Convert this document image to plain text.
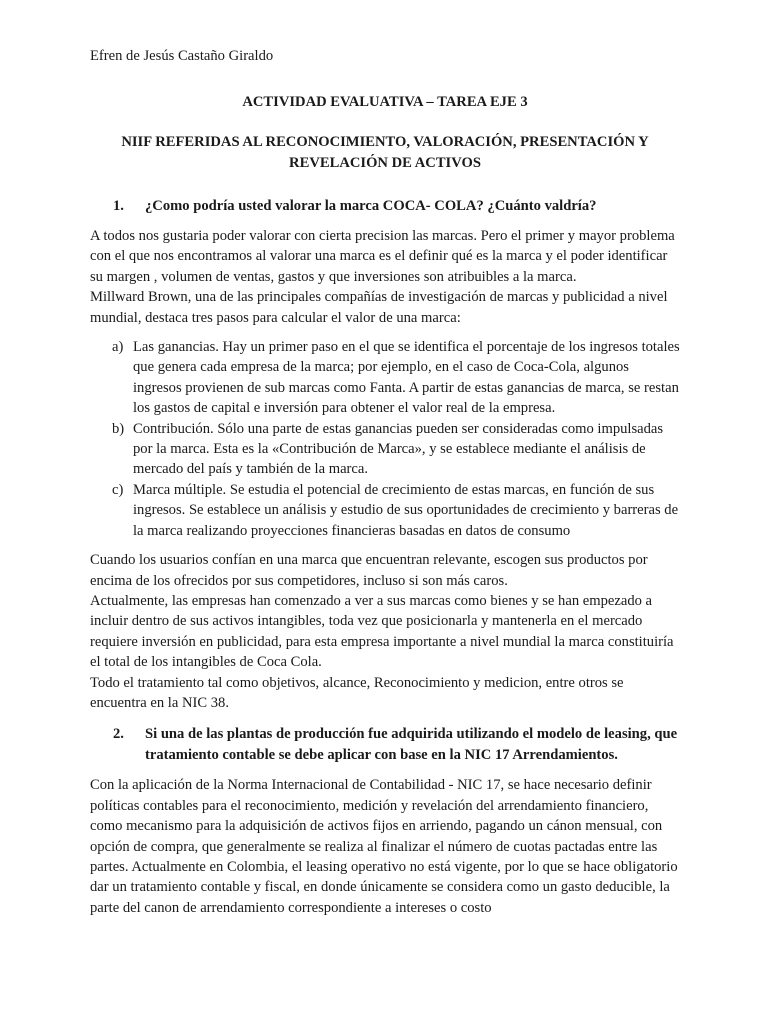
Efren de Jesús Castaño Giraldo

ACTIVIDAD EVALUATIVA – TAREA EJE 3

NIIF REFERIDAS AL RECONOCIMIENTO, VALORACIÓN, PRESENTACIÓN Y REVELACIÓN DE ACTIVOS

1.	¿Como podría usted valorar la marca COCA- COLA? ¿Cuánto valdría?

A todos nos gustaria poder valorar con cierta precision las marcas. Pero el primer y mayor problema con el que nos encontramos al valorar una marca es el definir qué es la marca y el poder identificar su margen , volumen de ventas, gastos y que inversiones son atribuibles a la marca.

Millward Brown, una de las principales compañías de investigación de marcas y publicidad a nivel mundial, destaca tres pasos para calcular el valor de una marca:

a) Las ganancias. Hay un primer paso en el que se identifica el porcentaje de los ingresos totales que genera cada empresa de la marca; por ejemplo, en el caso de Coca-Cola, algunos ingresos provienen de sub marcas como Fanta. A partir de estas ganancias de marca, se restan los gastos de capital e inversión para obtener el valor real de la empresa.
b) Contribución. Sólo una parte de estas ganancias pueden ser consideradas como impulsadas por la marca. Esta es la «Contribución de Marca», y se establece mediante el análisis de mercado del país y también de la marca.
c) Marca múltiple. Se estudia el potencial de crecimiento de estas marcas, en función de sus ingresos. Se establece un análisis y estudio de sus oportunidades de crecimiento y barreras de la marca realizando proyecciones financieras basadas en datos de consumo

Cuando los usuarios confían en una marca que encuentran relevante, escogen sus productos por encima de los ofrecidos por sus competidores, incluso si son más caros.

Actualmente, las empresas han comenzado a ver a sus marcas como bienes y se han empezado a incluir dentro de sus activos intangibles, toda vez que posicionarla y mantenerla en el mercado requiere inversión en publicidad, para esta empresa importante a nivel mundial la marca constituiría el total de los intangibles de Coca Cola.

Todo el tratamiento tal como objetivos, alcance, Reconocimiento y medicion, entre otros se encuentra en la NIC 38.

2.	Si una de las plantas de producción fue adquirida utilizando el modelo de leasing, que tratamiento contable se debe aplicar con base en la NIC 17 Arrendamientos.

Con la aplicación de la Norma Internacional de Contabilidad - NIC 17, se hace necesario definir políticas contables para el reconocimiento, medición y revelación del arrendamiento financiero, como mecanismo para la adquisición de activos fijos en arriendo, pagando un cánon mensual, con opción de compra, que generalmente se realiza al finalizar el número de cuotas pactadas entre las partes. Actualmente en Colombia, el leasing operativo no está vigente, por lo que se hace obligatorio dar un tratamiento contable y fiscal, en donde únicamente se considera como un gasto deducible, la parte del canon de arrendamiento correspondiente a intereses o costo
